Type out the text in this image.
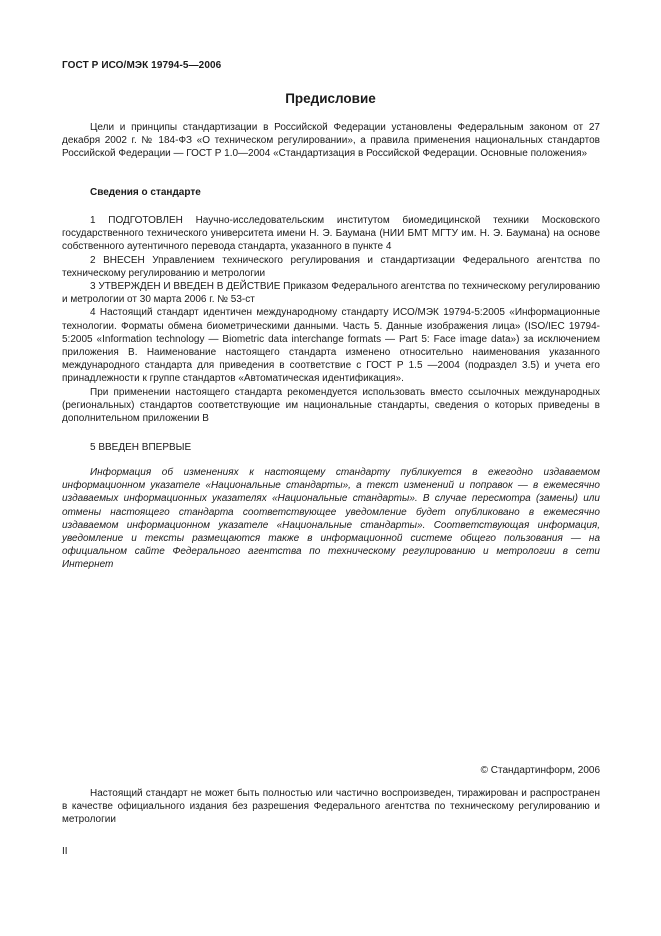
ГОСТ Р ИСО/МЭК 19794-5—2006
Предисловие

Цели и принципы стандартизации в Российской Федерации установлены Федеральным законом от 27 декабря 2002 г. № 184-ФЗ «О техническом регулировании», а правила применения национальных стандартов Российской Федерации — ГОСТ Р 1.0—2004 «Стандартизация в Российской Федерации. Основные положения»

Сведения о стандарте

1 ПОДГОТОВЛЕН Научно-исследовательским институтом биомедицинской техники Московского государственного технического университета имени Н. Э. Баумана (НИИ БМТ МГТУ им. Н. Э. Баумана) на основе собственного аутентичного перевода стандарта, указанного в пункте 4

2 ВНЕСЕН Управлением технического регулирования и стандартизации Федерального агентства по техническому регулированию и метрологии

3 УТВЕРЖДЕН И ВВЕДЕН В ДЕЙСТВИЕ Приказом Федерального агентства по техническому регулированию и метрологии от 30 марта 2006 г. № 53-ст

4 Настоящий стандарт идентичен международному стандарту ИСО/МЭК 19794-5:2005 «Информационные технологии. Форматы обмена биометрическими данными. Часть 5. Данные изображения лица» (ISO/IEC 19794-5:2005 «Information technology — Biometric data interchange formats — Part 5: Face image data») за исключением приложения В. Наименование настоящего стандарта изменено относительно наименования указанного международного стандарта для приведения в соответствие с ГОСТ Р 1.5 —2004 (подраздел 3.5) и учета его принадлежности к группе стандартов «Автоматическая идентификация».

При применении настоящего стандарта рекомендуется использовать вместо ссылочных международных (региональных) стандартов соответствующие им национальные стандарты, сведения о которых приведены в дополнительном приложении В

5 ВВЕДЕН ВПЕРВЫЕ

Информация об изменениях к настоящему стандарту публикуется в ежегодно издаваемом информационном указателе «Национальные стандарты», а текст изменений и поправок — в ежемесячно издаваемых информационных указателях «Национальные стандарты». В случае пересмотра (замены) или отмены настоящего стандарта соответствующее уведомление будет опубликовано в ежемесячно издаваемом информационном указателе «Национальные стандарты». Соответствующая информация, уведомление и тексты размещаются также в информационной системе общего пользования — на официальном сайте Федерального агентства по техническому регулированию и метрологии в сети Интернет

© Стандартинформ, 2006

Настоящий стандарт не может быть полностью или частично воспроизведен, тиражирован и распространен в качестве официального издания без разрешения Федерального агентства по техническому регулированию и метрологии

II
